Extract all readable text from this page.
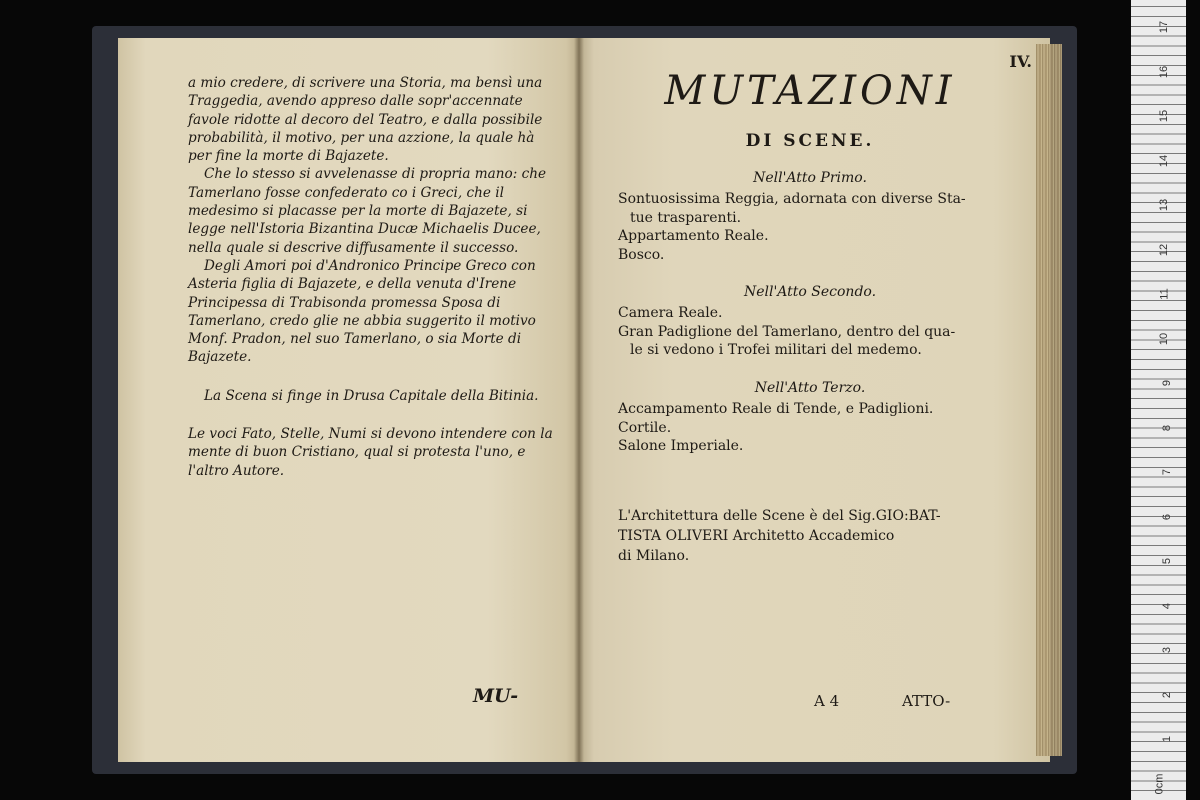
a mio credere, di scrivere una Storia, ma bensì una Traggedia, avendo appreso dalle sopr'accennate favole ridotte al decoro del Teatro, e dalla possibile probabilità, il motivo, per una azzione, la quale hà per fine la morte di Bajazete.

Che lo stesso si avvelenasse di propria mano: che Tamerlano fosse confederato co i Greci, che il medesimo si placasse per la morte di Bajazete, si legge nell'Istoria Bizantina Ducæ Michaelis Ducee, nella quale si descrive diffusamente il successo.

Degli Amori poi d'Andronico Principe Greco con Asteria figlia di Bajazete, e della venuta d'Irene Principessa di Trabisonda promessa Sposa di Tamerlano, credo glie ne abbia suggerito il motivo Monf. Pradon, nel suo Tamerlano, o sia Morte di Bajazete.

La Scena si finge in Drusa Capitale della Bitinia.

Le voci Fato, Stelle, Numi si devono intendere con la mente di buon Cristiano, qual si protesta l'uno, e l'altro Autore.

MU-
IV.
MUTAZIONI
DI SCENE.
Nell'Atto Primo.
Sontuosissima Reggia, adornata con diverse Sta-
tue trasparenti.
Appartamento Reale.
Bosco.
Nell'Atto Secondo.
Camera Reale.
Gran Padiglione del Tamerlano, dentro del qua-
le si vedono i Trofei militari del medemo.
Nell'Atto Terzo.
Accampamento Reale di Tende, e Padiglioni.
Cortile.
Salone Imperiale.
L'Architettura delle Scene è del Sig.GIO:BAT-
TISTA OLIVERI Architetto Accademico
di Milano.
A 4	ATTO-
0cm
1
2
3
4
5
6
7
8
9
10
11
12
13
14
15
16
17
